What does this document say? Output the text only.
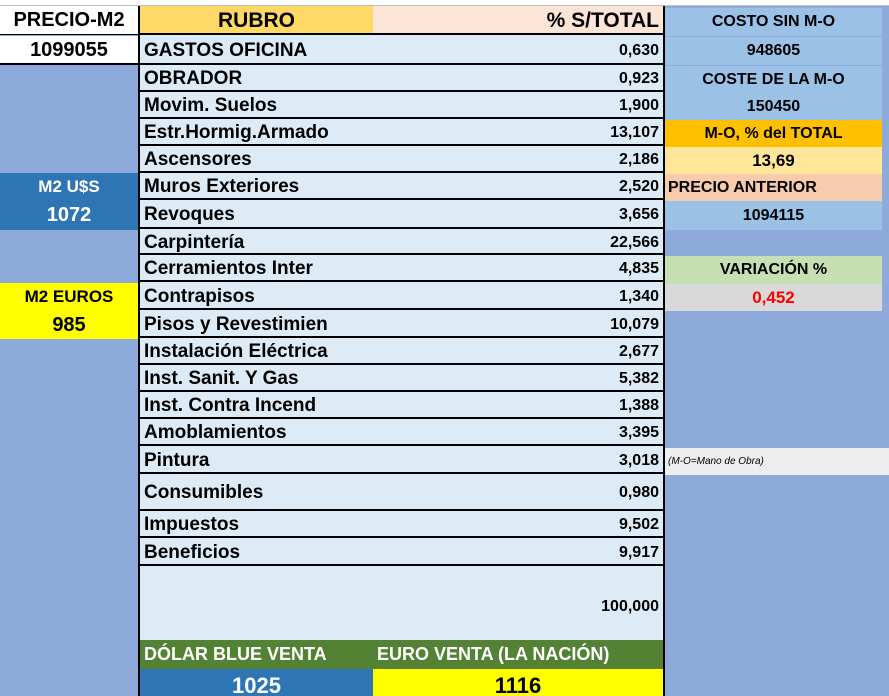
PRECIO-M2
1099055
M2 U$S
1072
M2 EUROS
985
RUBRO	% S/TOTAL
GASTOS OFICINA	0,630
OBRADOR	0,923
Movim. Suelos	1,900
Estr.Hormig.Armado	13,107
Ascensores	2,186
Muros Exteriores	2,520
Revoques	3,656
Carpintería	22,566
Cerramientos Inter	4,835
Contrapisos	1,340
Pisos y Revestimien	10,079
Instalación Eléctrica	2,677
Inst. Sanit. Y Gas	5,382
Inst. Contra Incend	1,388
Amoblamientos	3,395
Pintura	3,018
Consumibles	0,980
Impuestos	9,502
Beneficios	9,917
100,000
DÓLAR BLUE VENTA	EURO VENTA (LA NACIÓN)
1025	1116
COSTO SIN M-O
948605
COSTE DE LA M-O
150450
M-O, % del TOTAL
13,69
PRECIO ANTERIOR
1094115
VARIACIÓN %
0,452
(M-O=Mano de Obra)
